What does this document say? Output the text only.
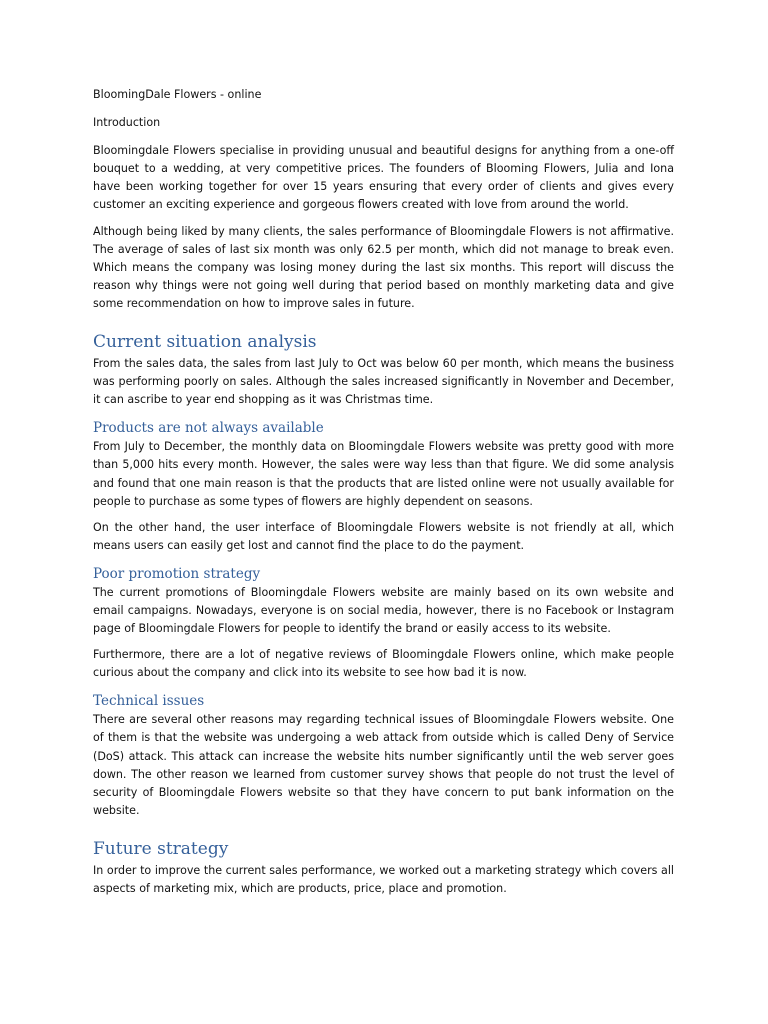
BloomingDale Flowers - online

Introduction

Bloomingdale Flowers specialise in providing unusual and beautiful designs for anything from a one-off bouquet to a wedding, at very competitive prices. The founders of Blooming Flowers, Julia and Iona have been working together for over 15 years ensuring that every order of clients and gives every customer an exciting experience and gorgeous flowers created with love from around the world.

Although being liked by many clients, the sales performance of Bloomingdale Flowers is not affirmative. The average of sales of last six month was only 62.5 per month, which did not manage to break even. Which means the company was losing money during the last six months. This report will discuss the reason why things were not going well during that period based on monthly marketing data and give some recommendation on how to improve sales in future.

Current situation analysis

From the sales data, the sales from last July to Oct was below 60 per month, which means the business was performing poorly on sales. Although the sales increased significantly in November and December, it can ascribe to year end shopping as it was Christmas time.

Products are not always available

From July to December, the monthly data on Bloomingdale Flowers website was pretty good with more than 5,000 hits every month. However, the sales were way less than that figure. We did some analysis and found that one main reason is that the products that are listed online were not usually available for people to purchase as some types of flowers are highly dependent on seasons.

On the other hand, the user interface of Bloomingdale Flowers website is not friendly at all, which means users can easily get lost and cannot find the place to do the payment.

Poor promotion strategy

The current promotions of Bloomingdale Flowers website are mainly based on its own website and email campaigns. Nowadays, everyone is on social media, however, there is no Facebook or Instagram page of Bloomingdale Flowers for people to identify the brand or easily access to its website.

Furthermore, there are a lot of negative reviews of Bloomingdale Flowers online, which make people curious about the company and click into its website to see how bad it is now.

Technical issues

There are several other reasons may regarding technical issues of Bloomingdale Flowers website. One of them is that the website was undergoing a web attack from outside which is called Deny of Service (DoS) attack. This attack can increase the website hits number significantly until the web server goes down. The other reason we learned from customer survey shows that people do not trust the level of security of Bloomingdale Flowers website so that they have concern to put bank information on the website.

Future strategy

In order to improve the current sales performance, we worked out a marketing strategy which covers all aspects of marketing mix, which are products, price, place and promotion.
